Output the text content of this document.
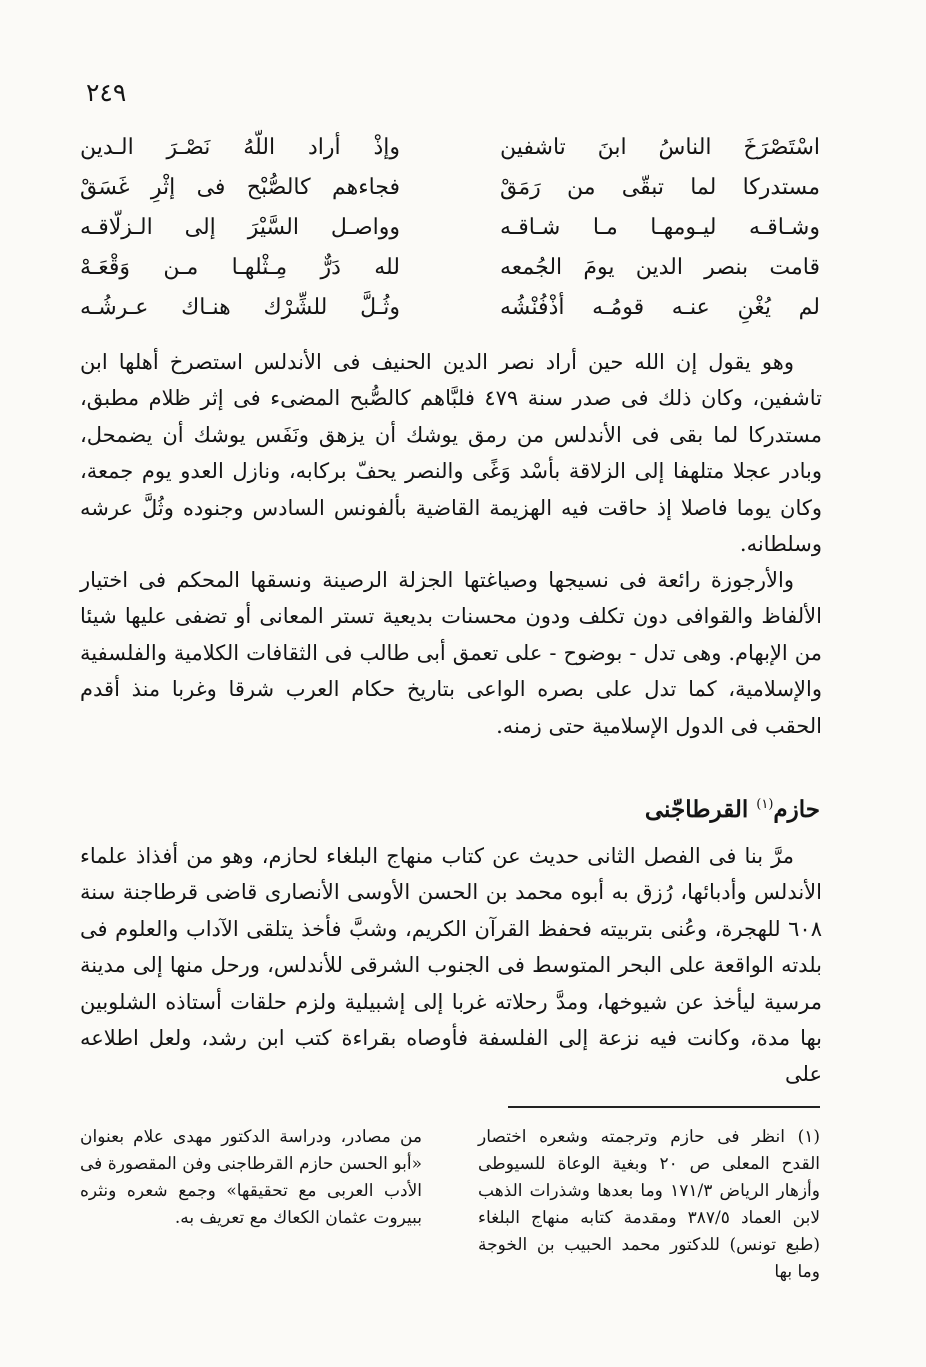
٢٤٩
وإذْ أراد اللّهُ نَصْـرَ الـدين	اسْتَصْرَخَ الناسُ ابنَ تاشفين
فجاءهم كالصُّبْح فى إثْرِ غَسَقْ	مستدركا لما تبقّى من رَمَقْ
وواصـل السَّيْرَ إلى الـزلّاقـه	وشـاقـه ليـومهـا مـا شـاقـه
لله دَرٌّ مِـثْلهـا مـن وَقْعَـهْ	قامت بنصر الدين يومَ الجُمعه
وثُـلَّ للشِّرْك هنـاك عـرشُـه	لم يُغْنِ عنـه قومُـه أذْفُنْشُه

وهو يقول إن الله حين أراد نصر الدين الحنيف فى الأندلس استصرخ أهلها ابن تاشفين، وكان ذلك فى صدر سنة ٤٧٩ فلبَّاهم كالصُّبح المضىء فى إثر ظلام مطبق، مستدركا لما بقى فى الأندلس من رمق يوشك أن يزهق ونَفَس يوشك أن يضمحل، وبادر عجلا متلهفا إلى الزلاقة بأسْد وَغًى والنصر يحفّ بركابه، ونازل العدو يوم جمعة، وكان يوما فاصلا إذ حاقت فيه الهزيمة القاضية بألفونس السادس وجنوده وثُلَّ عرشه وسلطانه.

والأرجوزة رائعة فى نسيجها وصياغتها الجزلة الرصينة ونسقها المحكم فى اختيار الألفاظ والقوافى دون تكلف ودون محسنات بديعية تستر المعانى أو تضفى عليها شيئا من الإبهام. وهى تدل - بوضوح - على تعمق أبى طالب فى الثقافات الكلامية والفلسفية والإسلامية، كما تدل على بصره الواعى بتاريخ حكام العرب شرقا وغربا منذ أقدم الحقب فى الدول الإسلامية حتى زمنه.

حازم$^{(١)}$ القرطاجّنى

مرَّ بنا فى الفصل الثانى حديث عن كتاب منهاج البلغاء لحازم، وهو من أفذاذ علماء الأندلس وأدبائها، رُزق به أبوه محمد بن الحسن الأوسى الأنصارى قاضى قرطاجنة سنة ٦٠٨ للهجرة، وعُنى بتربيته فحفظ القرآن الكريم، وشبَّ فأخذ يتلقى الآداب والعلوم فى بلدته الواقعة على البحر المتوسط فى الجنوب الشرقى للأندلس، ورحل منها إلى مدينة مرسية ليأخذ عن شيوخها، ومدَّ رحلاته غربا إلى إشبيلية ولزم حلقات أستاذه الشلوبين بها مدة، وكانت فيه نزعة إلى الفلسفة فأوصاه بقراءة كتب ابن رشد، ولعل اطلاعه على

(١) انظر فى حازم وترجمته وشعره اختصار القدح المعلى ص ٢٠ وبغية الوعاة للسيوطى وأزهار الرياض ١٧١/٣ وما بعدها وشذرات الذهب لابن العماد ٣٨٧/٥ ومقدمة كتابه منهاج البلغاء (طبع تونس) للدكتور محمد الحبيب بن الخوجة وما بها
من مصادر، ودراسة الدكتور مهدى علام بعنوان «أبو الحسن حازم القرطاجنى وفن المقصورة فى الأدب العربى مع تحقيقها» وجمع شعره ونثره ببيروت عثمان الكعاك مع تعريف به.
